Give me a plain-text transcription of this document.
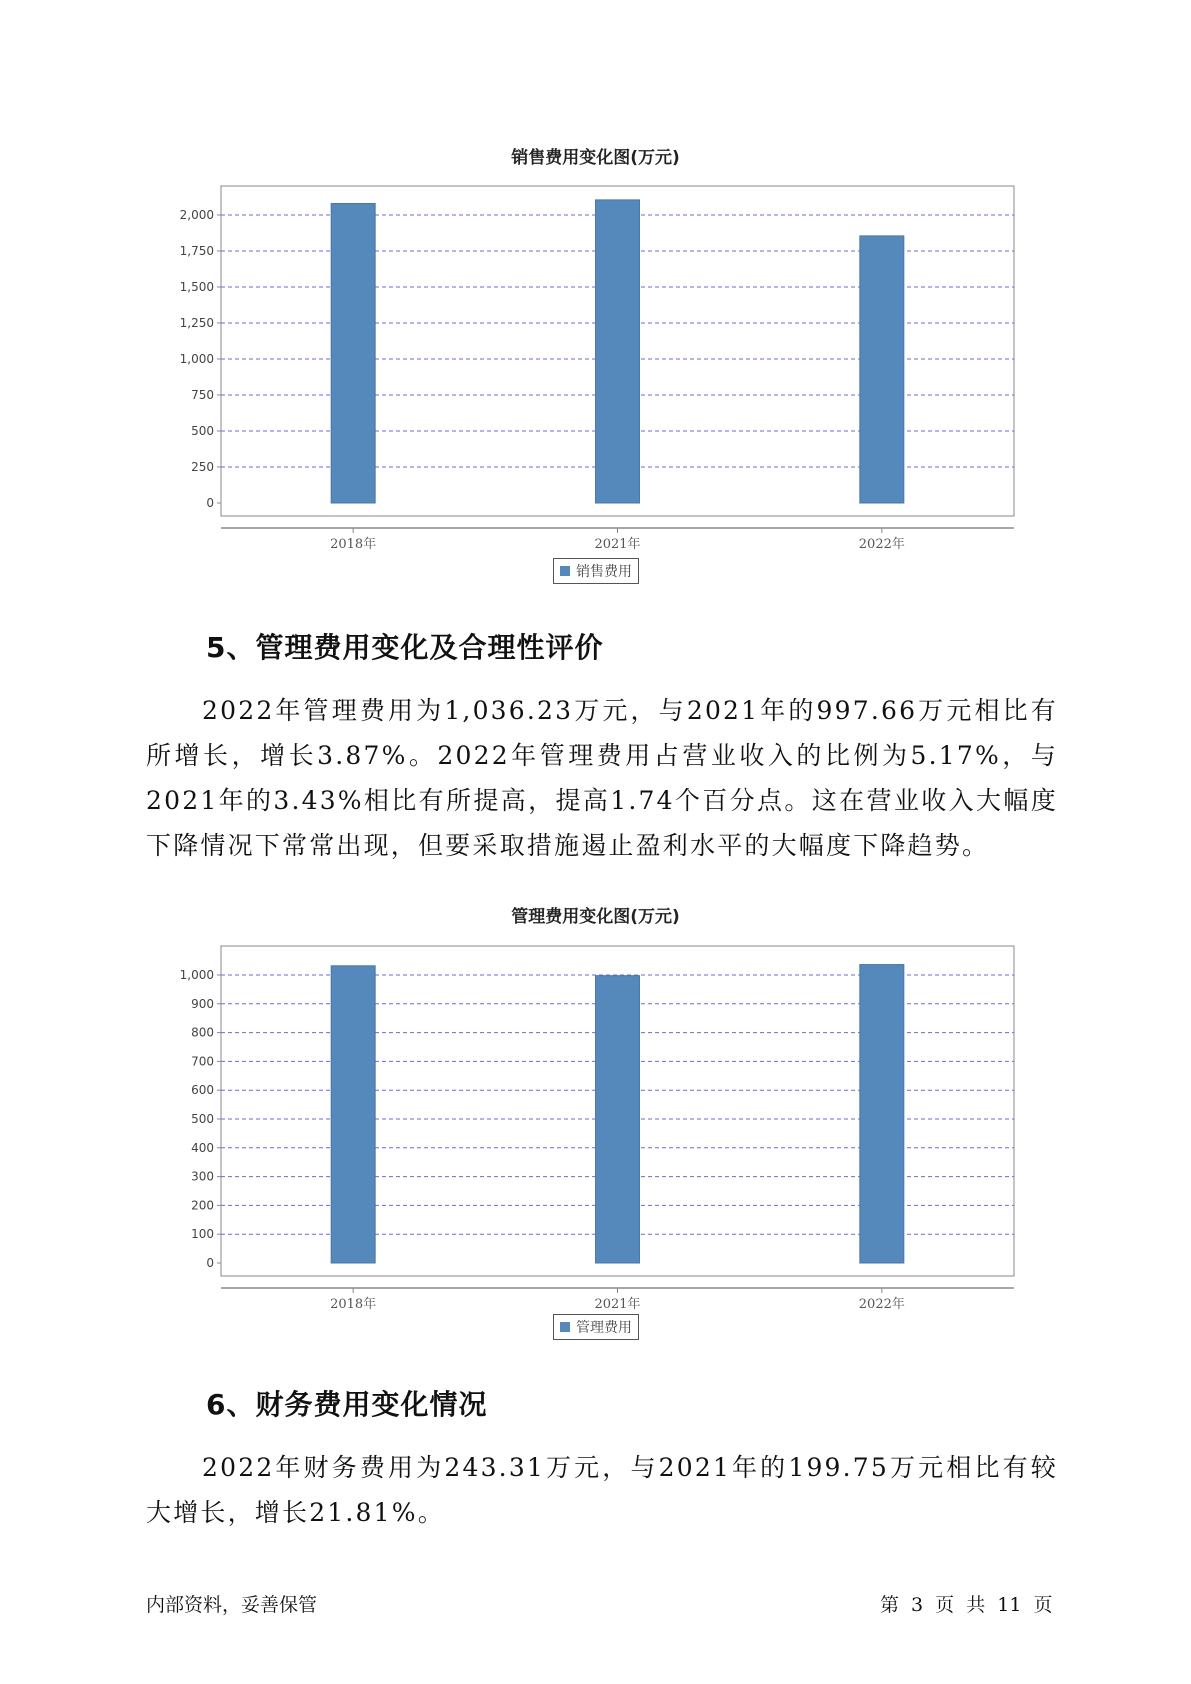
销售费用变化图(万元)
0
250
500
750
1,000
1,250
1,500
1,750
2,000
2018年	2021年	2022年
销售费用
5、管理费用变化及合理性评价

2022年管理费用为1,036.23万元，与2021年的997.66万元相比有所增长，增长3.87%。2022年管理费用占营业收入的比例为5.17%，与2021年的3.43%相比有所提高，提高1.74个百分点。这在营业收入大幅度下降情况下常常出现，但要采取措施遏止盈利水平的大幅度下降趋势。

管理费用变化图(万元)
0
100
200
300
400
500
600
700
800
900
1,000
2018年	2021年	2022年
管理费用
6、财务费用变化情况

2022年财务费用为243.31万元，与2021年的199.75万元相比有较大增长，增长21.81%。

内部资料，妥善保管	第 3 页 共 11 页
